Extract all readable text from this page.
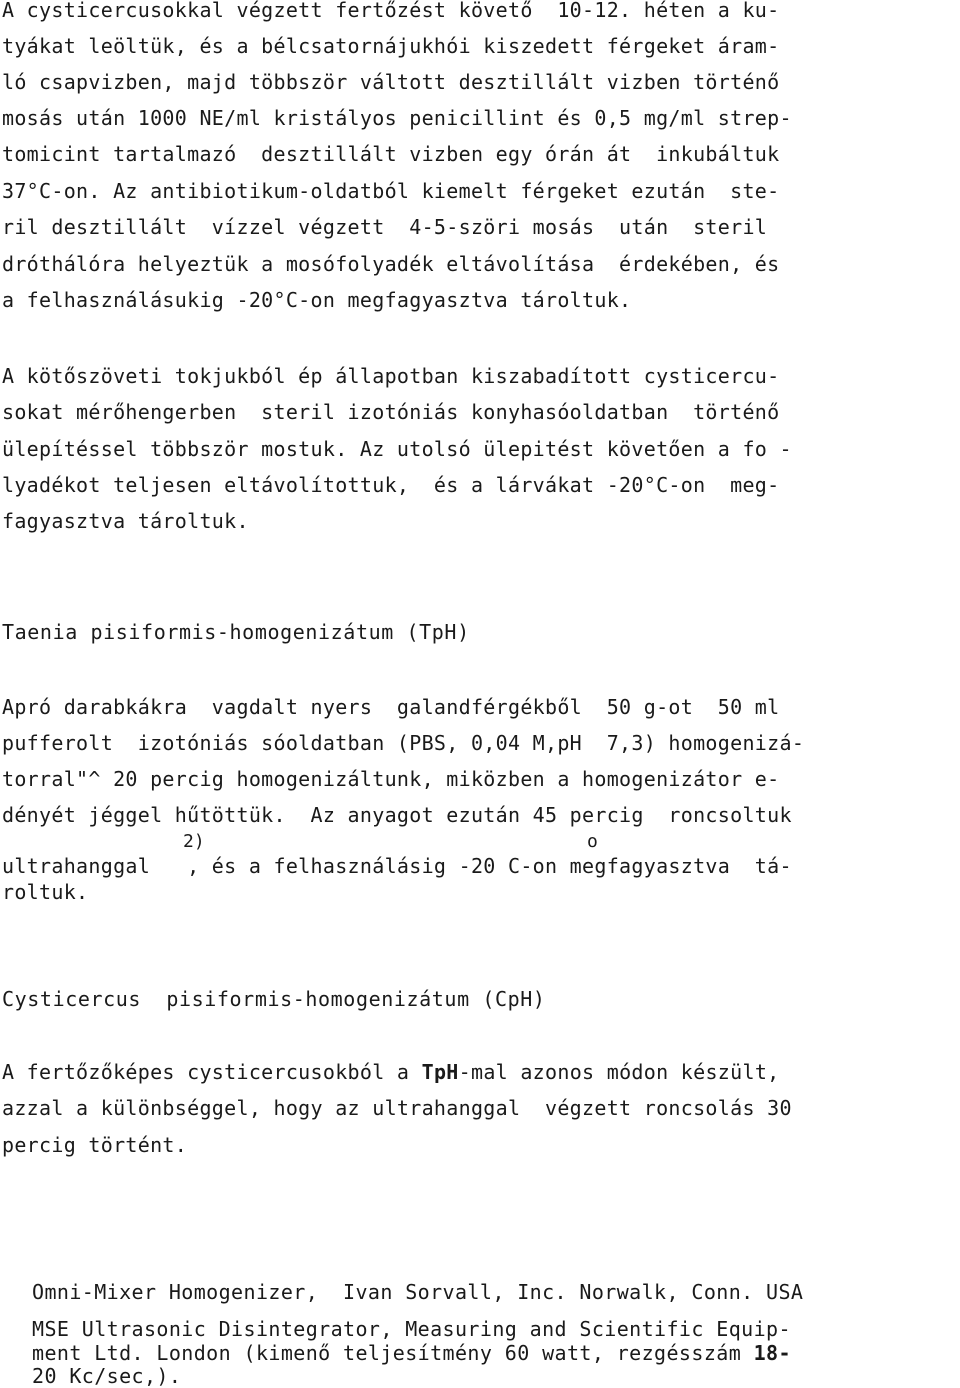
A cysticercusokkal végzett fertőzést követő  10-12. héten a ku-
tyákat leöltük, és a bélcsatornájukhói kiszedett férgeket áram-
ló csapvizben, majd többször váltott desztillált vizben történő
mosás után 1000 NE/ml kristályos penicillint és 0,5 mg/ml strep-
tomicint tartalmazó  desztillált vizben egy órán át  inkubáltuk
37°C-on. Az antibiotikum-oldatból kiemelt férgeket ezután  ste-
ril desztillált  vízzel végzett  4-5-szöri mosás  után  steril
dróthálóra helyeztük a mosófolyadék eltávolítása  érdekében, és
a felhasználásukig -20°C-on megfagyasztva tároltuk.
A kötőszöveti tokjukból ép állapotban kiszabadított cysticercu-
sokat mérőhengerben  steril izotóniás konyhasóoldatban  történő
ülepítéssel többször mostuk. Az utolsó ülepitést követően a fo -
lyadékot teljesen eltávolítottuk,  és a lárvákat -20°C-on  meg-
fagyasztva tároltuk.
Taenia pisiformis-homogenizátum (TpH)
Apró darabkákra  vagdalt nyers  galandférgékből  50 g-ot  50 ml
pufferolt  izotóniás sóoldatban (PBS, 0,04 M,pH  7,3) homogenizá-
torral"^ 20 percig homogenizáltunk, miközben a homogenizátor e-
dényét jéggel hűtöttük.  Az anyagot ezután 45 percig  roncsoltuk
2)	o
ultrahanggal   , és a felhasználásig -20 C-on megfagyasztva  tá-
roltuk.
Cysticercus  pisiformis-homogenizátum (CpH)
A fertőzőképes cysticercusokból a TpH-mal azonos módon készült,
azzal a különbséggel, hogy az ultrahanggal  végzett roncsolás 30
percig történt.
Omni-Mixer Homogenizer,  Ivan Sorvall, Inc. Norwalk, Conn. USA
MSE Ultrasonic Disintegrator, Measuring and Scientific Equip-
ment Ltd. London (kimenő teljesítmény 60 watt, rezgésszám 18-
20 Kc/sec,).
